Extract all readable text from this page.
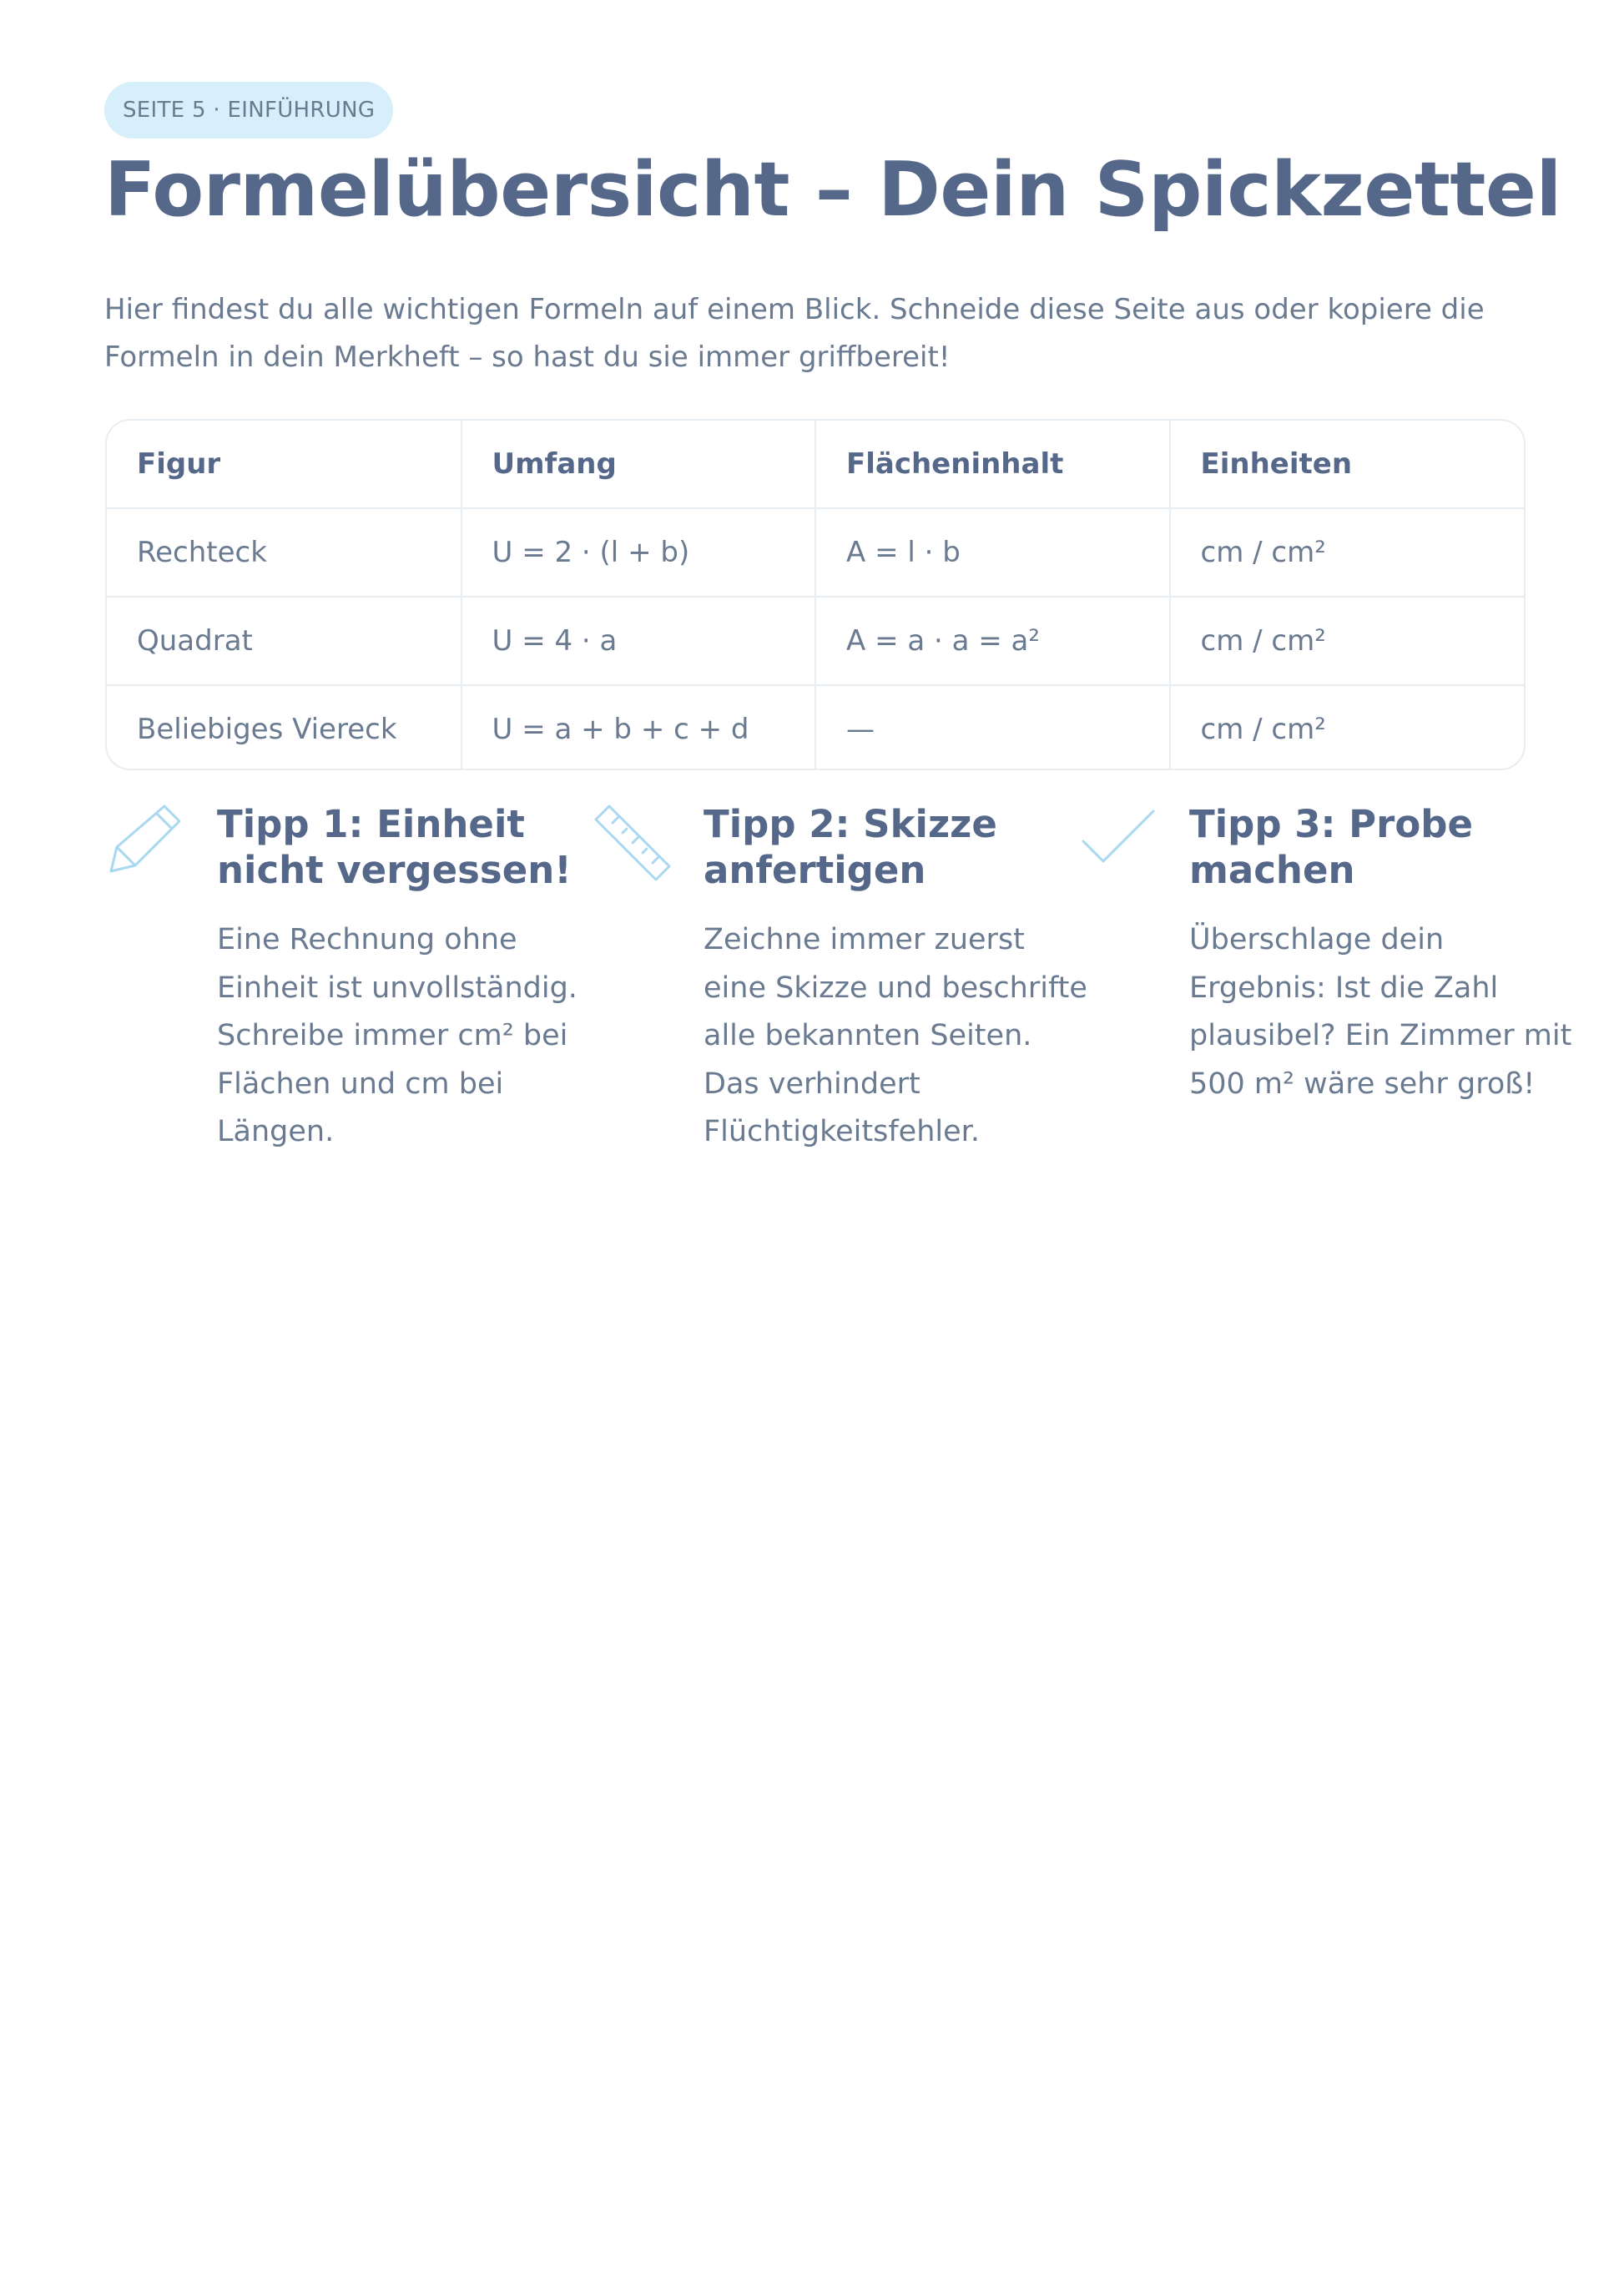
SEITE 5 · EINFÜHRUNG
Formelübersicht – Dein Spickzettel

Hier findest du alle wichtigen Formeln auf einem Blick. Schneide diese Seite aus oder kopiere die Formeln in dein Merkheft – so hast du sie immer griffbereit!

Figur	Umfang	Flächeninhalt	Einheiten
Rechteck	U = 2 · (l + b)	A = l · b	cm / cm²
Quadrat	U = 4 · a	A = a · a = a²	cm / cm²
Beliebiges Viereck	U = a + b + c + d	—	cm / cm²
Tipp 1: Einheit nicht vergessen!

Eine Rechnung ohne Einheit ist unvollständig. Schreibe immer cm² bei Flächen und cm bei Längen.

Tipp 2: Skizze anfertigen

Zeichne immer zuerst eine Skizze und beschrifte alle bekannten Seiten. Das verhindert Flüchtigkeitsfehler.

Tipp 3: Probe machen

Überschlage dein Ergebnis: Ist die Zahl plausibel? Ein Zimmer mit 500 m² wäre sehr groß!
